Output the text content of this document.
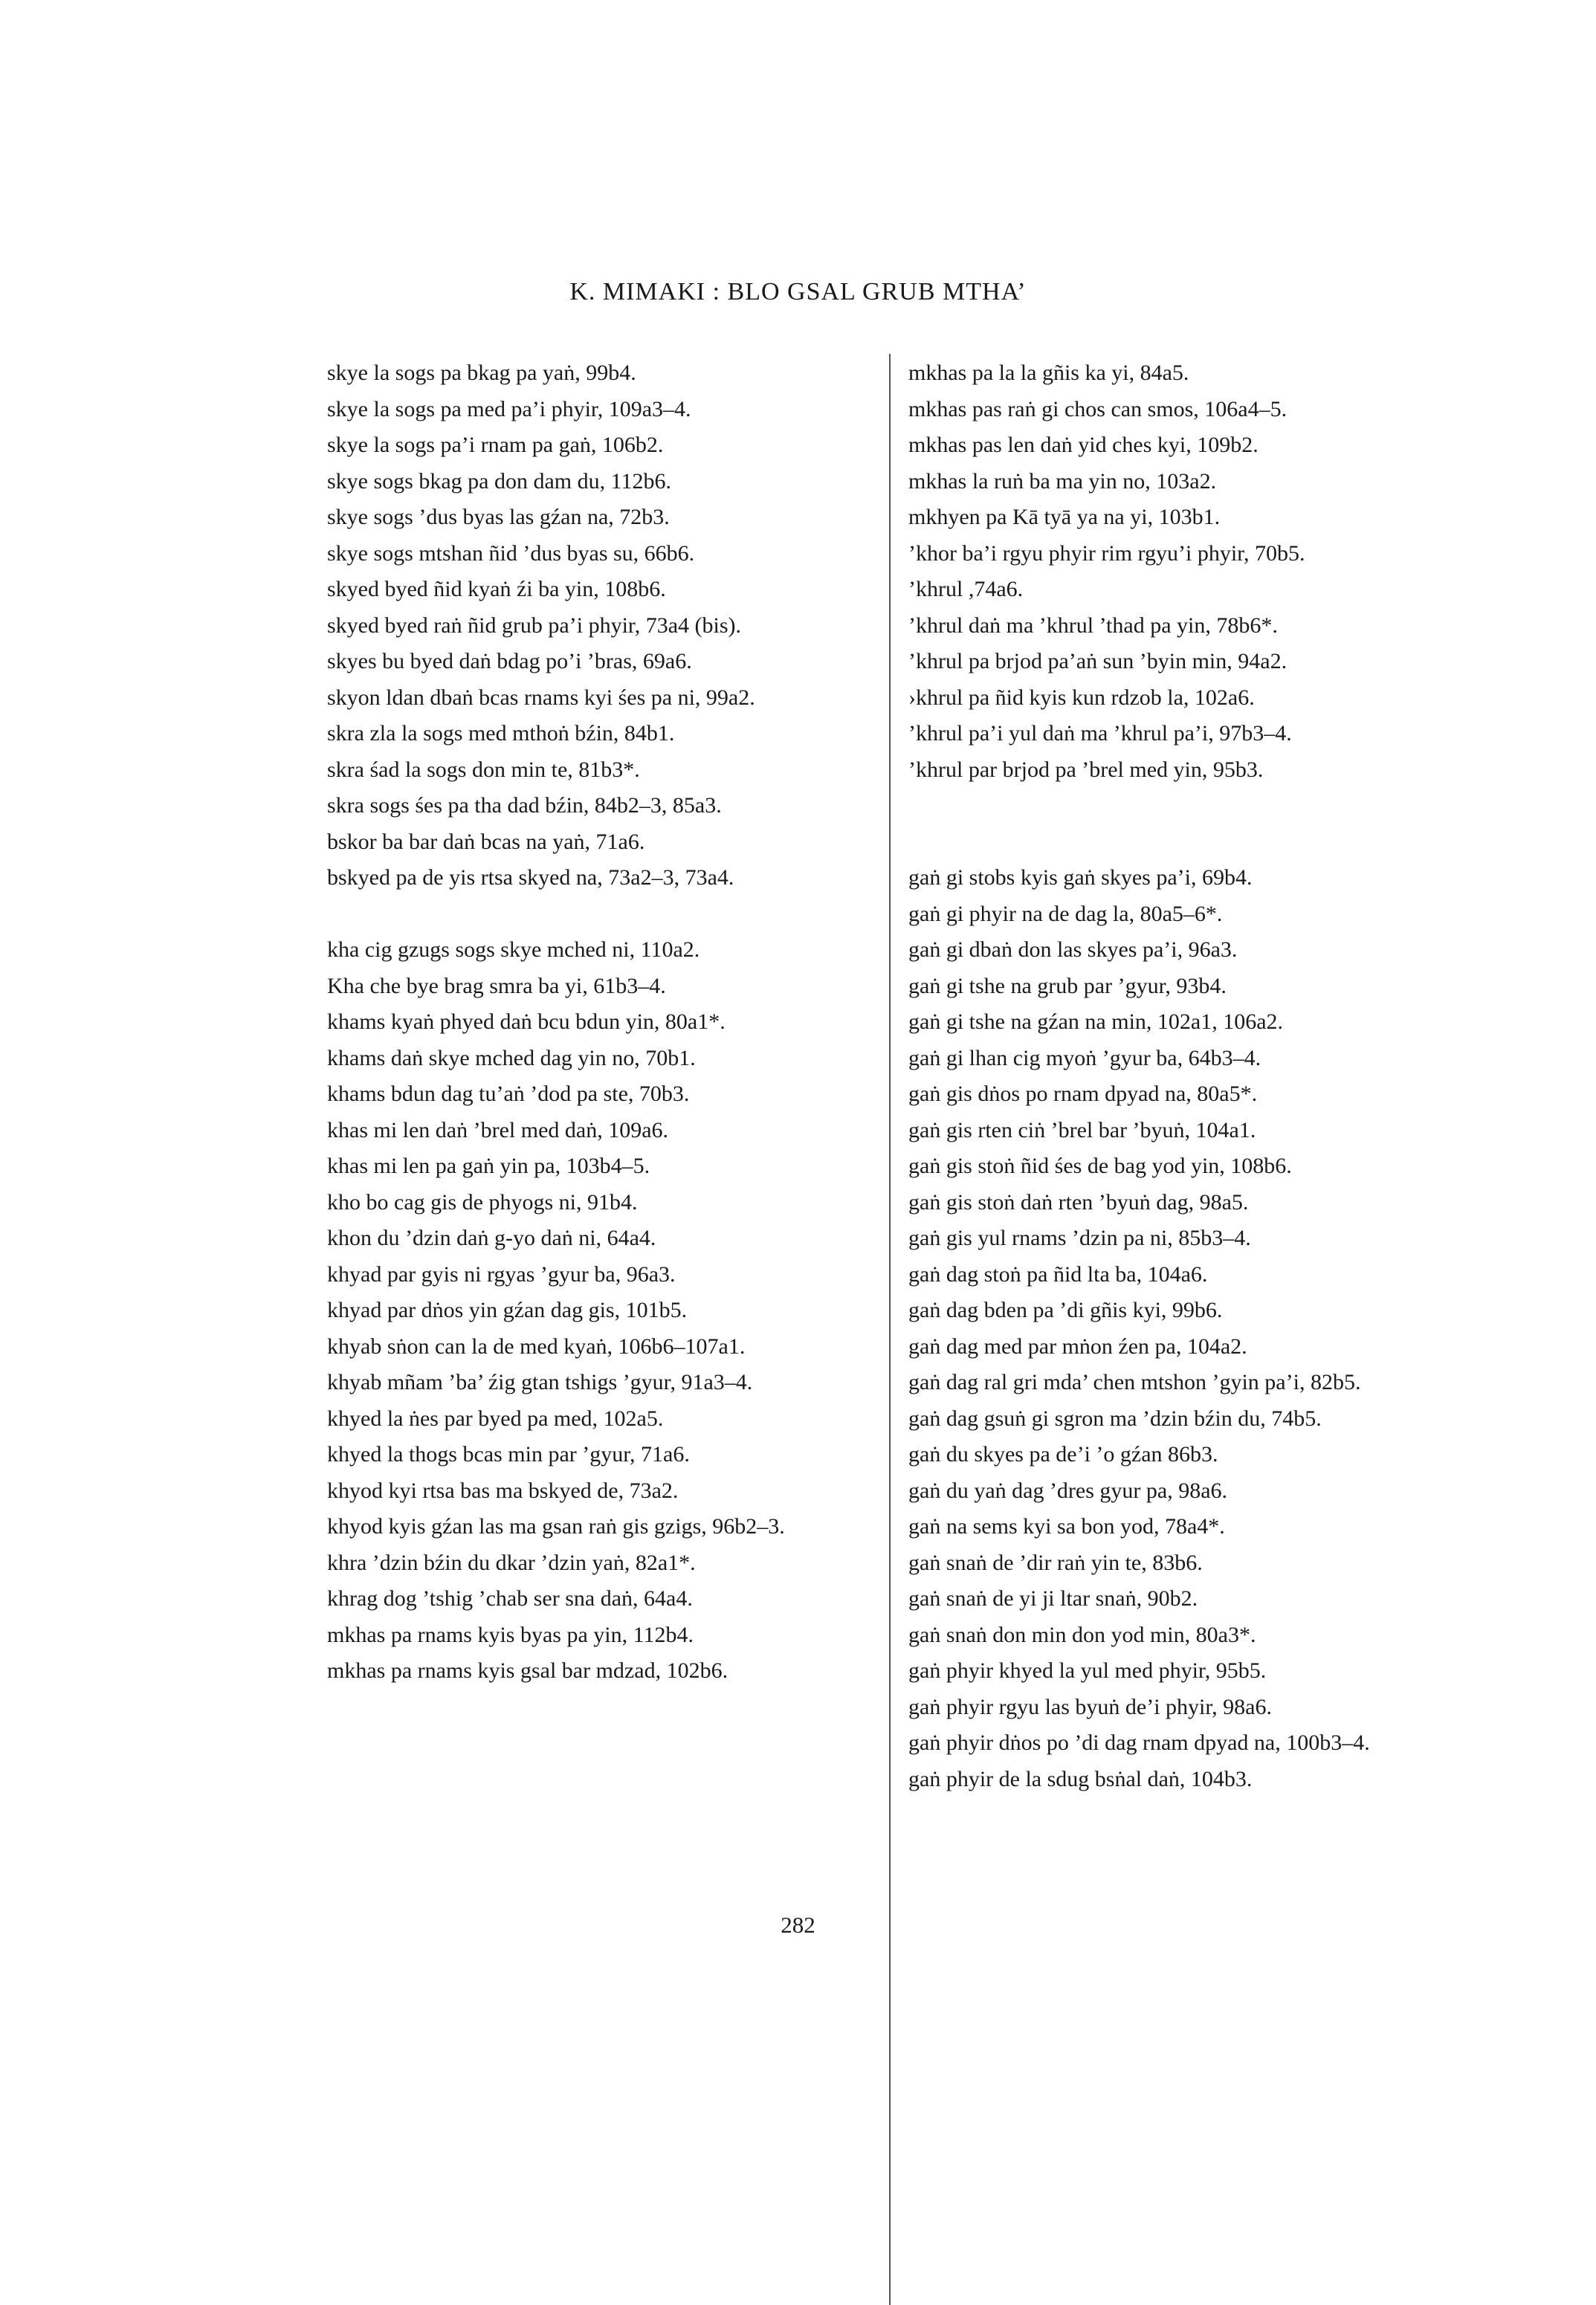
K. MIMAKI : BLO GSAL GRUB MTHA’
skye la sogs pa bkag pa yaṅ, 99b4.
skye la sogs pa med pa’i phyir, 109a3–4.
skye la sogs pa’i rnam pa gaṅ, 106b2.
skye sogs bkag pa don dam du, 112b6.
skye sogs ’dus byas las gźan na, 72b3.
skye sogs mtshan ñid ’dus byas su, 66b6.
skyed byed ñid kyaṅ źi ba yin, 108b6.
skyed byed raṅ ñid grub pa’i phyir, 73a4 (bis).
skyes bu byed daṅ bdag po’i ’bras, 69a6.
skyon ldan dbaṅ bcas rnams kyi śes pa ni, 99a2.
skra zla la sogs med mthoṅ bźin, 84b1.
skra śad la sogs don min te, 81b3*.
skra sogs śes pa tha dad bźin, 84b2–3, 85a3.
bskor ba bar daṅ bcas na yaṅ, 71a6.
bskyed pa de yis rtsa skyed na, 73a2–3, 73a4.
kha cig gzugs sogs skye mched ni, 110a2.
Kha che bye brag smra ba yi, 61b3–4.
khams kyaṅ phyed daṅ bcu bdun yin, 80a1*.
khams daṅ skye mched dag yin no, 70b1.
khams bdun dag tu’aṅ ’dod pa ste, 70b3.
khas mi len daṅ ’brel med daṅ, 109a6.
khas mi len pa gaṅ yin pa, 103b4–5.
kho bo cag gis de phyogs ni, 91b4.
khon du ’dzin daṅ g-yo daṅ ni, 64a4.
khyad par gyis ni rgyas ’gyur ba, 96a3.
khyad par dṅos yin gźan dag gis, 101b5.
khyab sṅon can la de med kyaṅ, 106b6–107a1.
khyab mñam ’ba’ źig gtan tshigs ’gyur, 91a3–4.
khyed la ṅes par byed pa med, 102a5.
khyed la thogs bcas min par ’gyur, 71a6.
khyod kyi rtsa bas ma bskyed de, 73a2.
khyod kyis gźan las ma gsan raṅ gis gzigs, 96b2–3.
khra ’dzin bźin du dkar ’dzin yaṅ, 82a1*.
khrag dog ’tshig ’chab ser sna daṅ, 64a4.
mkhas pa rnams kyis byas pa yin, 112b4.
mkhas pa rnams kyis gsal bar mdzad, 102b6.
mkhas pa la la gñis ka yi, 84a5.
mkhas pas raṅ gi chos can smos, 106a4–5.
mkhas pas len daṅ yid ches kyi, 109b2.
mkhas la ruṅ ba ma yin no, 103a2.
mkhyen pa Kā tyā ya na yi, 103b1.
’khor ba’i rgyu phyir rim rgyu’i phyir, 70b5.
’khrul ,74a6.
’khrul daṅ ma ’khrul ’thad pa yin, 78b6*.
’khrul pa brjod pa’aṅ sun ’byin min, 94a2.
›khrul pa ñid kyis kun rdzob la, 102a6.
’khrul pa’i yul daṅ ma ’khrul pa’i, 97b3–4.
’khrul par brjod pa ’brel med yin, 95b3.
gaṅ gi stobs kyis gaṅ skyes pa’i, 69b4.
gaṅ gi phyir na de dag la, 80a5–6*.
gaṅ gi dbaṅ don las skyes pa’i, 96a3.
gaṅ gi tshe na grub par ’gyur, 93b4.
gaṅ gi tshe na gźan na min, 102a1, 106a2.
gaṅ gi lhan cig myoṅ ’gyur ba, 64b3–4.
gaṅ gis dṅos po rnam dpyad na, 80a5*.
gaṅ gis rten ciṅ ’brel bar ’byuṅ, 104a1.
gaṅ gis stoṅ ñid śes de bag yod yin, 108b6.
gaṅ gis stoṅ daṅ rten ’byuṅ dag, 98a5.
gaṅ gis yul rnams ’dzin pa ni, 85b3–4.
gaṅ dag stoṅ pa ñid lta ba, 104a6.
gaṅ dag bden pa ’di gñis kyi, 99b6.
gaṅ dag med par mṅon źen pa, 104a2.
gaṅ dag ral gri mda’ chen mtshon ’gyin pa’i, 82b5.
gaṅ dag gsuṅ gi sgron ma ’dzin bźin du, 74b5.
gaṅ du skyes pa de’i ’o gźan 86b3.
gaṅ du yaṅ dag ’dres gyur pa, 98a6.
gaṅ na sems kyi sa bon yod, 78a4*.
gaṅ snaṅ de ’dir raṅ yin te, 83b6.
gaṅ snaṅ de yi ji ltar snaṅ, 90b2.
gaṅ snaṅ don min don yod min, 80a3*.
gaṅ phyir khyed la yul med phyir, 95b5.
gaṅ phyir rgyu las byuṅ de’i phyir, 98a6.
gaṅ phyir dṅos po ’di dag rnam dpyad na, 100b3–4.
gaṅ phyir de la sdug bsṅal daṅ, 104b3.
282
